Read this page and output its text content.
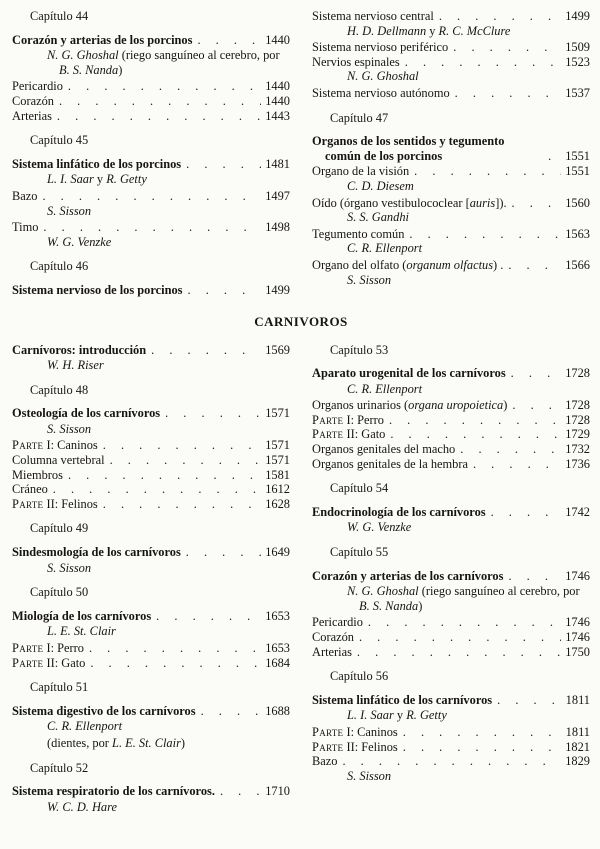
Capítulo 44
Corazón y arterias de los porcinos . . .	1440
N. G. Ghoshal (riego sanguíneo al cerebro, por B. S. Nanda)
Pericardio . . .	1440
Corazón . . .	1440
Arterias . . .	1443
Capítulo 45
Sistema linfático de los porcinos . . .	1481
L. I. Saar y R. Getty
Bazo . . .	1497
S. Sisson
Timo . . .	1498
W. G. Venzke
Capítulo 46
Sistema nervioso de los porcinos . . .	1499
Sistema nervioso central . . .	1499
H. D. Dellmann y R. C. McClure
Sistema nervioso periférico . . .	1509
Nervios espinales . . .	1523
N. G. Ghoshal
Sistema nervioso autónomo . . .	1537
Capítulo 47
Organos de los sentidos y tegumento común de los porcinos . . .	1551
Organo de la visión . . .	1551
C. D. Diesem
Oído (órgano vestibulococlear [auris]). . . .	1560
S. S. Gandhi
Tegumento común . . .	1563
C. R. Ellenport
Organo del olfato (organum olfactus) . . . .	1566
S. Sisson
CARNIVOROS
Carnívoros: introducción . . .	1569
W. H. Riser
Capítulo 48
Osteología de los carnívoros . . .	1571
S. Sisson
Parte I: Caninos . . .	1571
Columna vertebral . . .	1571
Miembros . . .	1581
Cráneo . . .	1612
Parte II: Felinos . . .	1628
Capítulo 49
Sindesmología de los carnívoros . . .	1649
S. Sisson
Capítulo 50
Miología de los carnívoros . . .	1653
L. E. St. Clair
Parte I: Perro . . .	1653
Parte II: Gato . . .	1684
Capítulo 51
Sistema digestivo de los carnívoros . . .	1688
C. R. Ellenport
(dientes, por L. E. St. Clair)
Capítulo 52
Sistema respiratorio de los carnívoros. . . .	1710
W. C. D. Hare
Capítulo 53
Aparato urogenital de los carnívoros . . .	1728
C. R. Ellenport
Organos urinarios (organa uropoietica) . . .	1728
Parte I: Perro . . .	1728
Parte II: Gato . . .	1729
Organos genitales del macho . . .	1732
Organos genitales de la hembra . . .	1736
Capítulo 54
Endocrinología de los carnívoros . . .	1742
W. G. Venzke
Capítulo 55
Corazón y arterias de los carnívoros . . .	1746
N. G. Ghoshal (riego sanguíneo al cerebro, por B. S. Nanda)
Pericardio . . .	1746
Corazón . . .	1746
Arterias . . .	1750
Capítulo 56
Sistema linfático de los carnívoros . . .	1811
L. I. Saar y R. Getty
Parte I: Caninos . . .	1811
Parte II: Felinos . . .	1821
Bazo . . .	1829
S. Sisson
